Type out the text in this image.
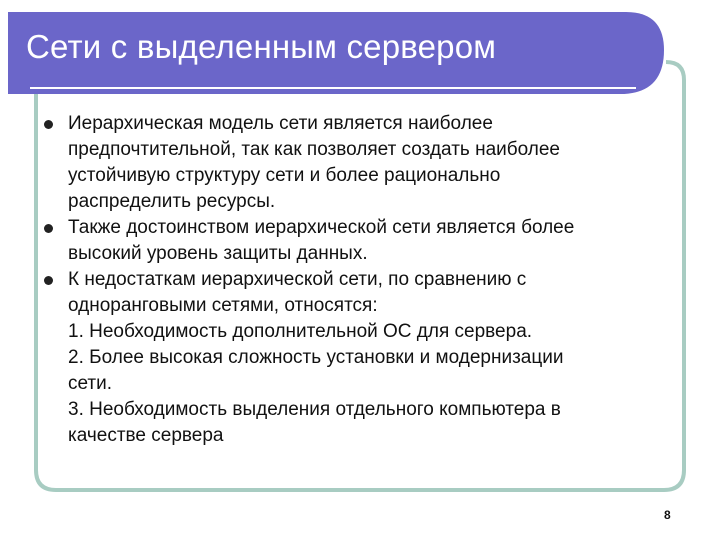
Сети с выделенным сервером
Иерархическая модель сети является наиболее
предпочтительной, так как позволяет создать наиболее
устойчивую структуру сети и более рационально
распределить ресурсы.
Также достоинством иерархической сети является более
высокий уровень защиты данных.
К недостаткам иерархической сети, по сравнению с
одноранговыми сетями, относятся:
1. Необходимость дополнительной ОС для сервера.
2. Более высокая сложность установки и модернизации
сети.
3. Необходимость выделения отдельного компьютера в
качестве сервера
8
